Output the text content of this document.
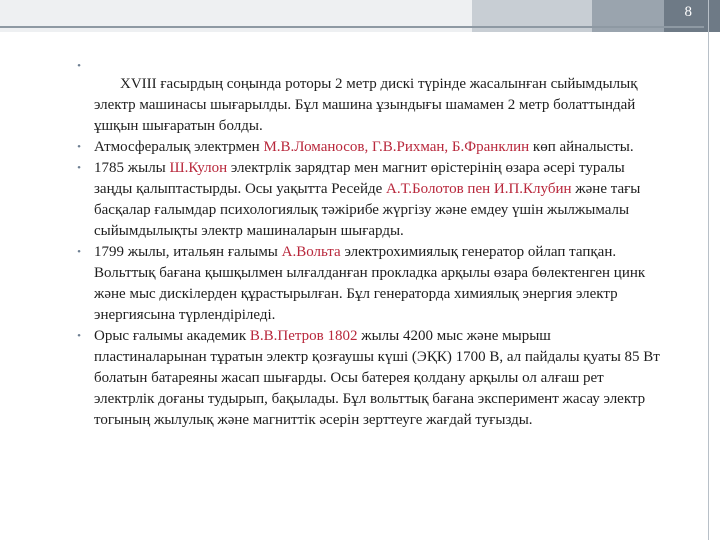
8
•
XVIII ғасырдың соңында роторы 2 метр дискі түрінде жасалынған сыйымдылық электр машинасы шығарылды. Бұл машина ұзындығы шамамен 2 метр болаттындай ұшқын шығаратын болды.
• Атмосфералық электрмен М.В.Ломаносов, Г.В.Рихман, Б.Франклин көп айналысты.
• 1785 жылы Ш.Кулон электрлік зарядтар мен магнит өрістерінің өзара әсері туралы заңды қалыптастырды. Осы уақытта Ресейде А.Т.Болотов пен И.П.Клубин және тағы басқалар ғалымдар психологиялық тәжірибе жүргізу және емдеу үшін жылжымалы сыйымдылықты электр машиналарын шығарды.
• 1799 жылы, итальян ғалымы А.Вольта электрохимиялық генератор ойлап тапқан. Вольттық бағана қышқылмен ылғалданған прокладка арқылы өзара бөлектенген цинк және мыс дискілерден құрастырылған. Бұл генераторда химиялық энергия электр энергиясына түрлендіріледі.
• Орыс ғалымы академик В.В.Петров 1802 жылы 4200 мыс және мырыш пластиналарынан тұратын электр қозғаушы күші (ЭҚК) 1700 В, ал пайдалы қуаты 85 Вт болатын батареяны жасап шығарды. Осы батерея қолдану арқылы ол алғаш рет электрлік доғаны тудырып, бақылады. Бұл вольттық бағана эксперимент жасау электр тогының жылулық және магниттік әсерін зерттеуге жағдай туғызды.
